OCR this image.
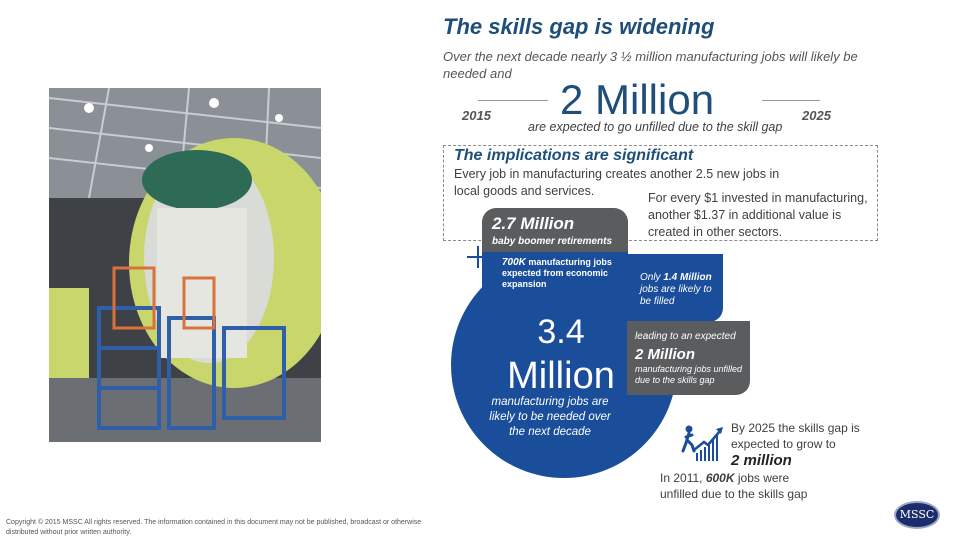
The skills gap is widening
Over the next decade nearly 3 ½ million manufacturing jobs will likely be needed and
2015 2 Million	2025
are expected to go unfilled due to the skill gap
The implications are significant
Every job in manufacturing creates another 2.5 new jobs in local goods and services.	For every $1 invested in manufacturing, another $1.37 in additional value is created in other sectors.
2.7 Million
baby boomer retirements
700K manufacturing jobs expected from economic expansion
3.4
Million
manufacturing jobs are likely to be needed over the next decade
Only 1.4 Million jobs are likely to be filled
leading to an expected
2 Million
manufacturing jobs unfilled due to the skills gap
By 2025 the skills gap is expected to grow to
2 million
In 2011, 600K jobs were unfilled due to the skills gap
Copyright © 2015 MSSC All rights reserved. The information contained in this document may not be published, broadcast or otherwise distributed without prior written authority.
MSSC
